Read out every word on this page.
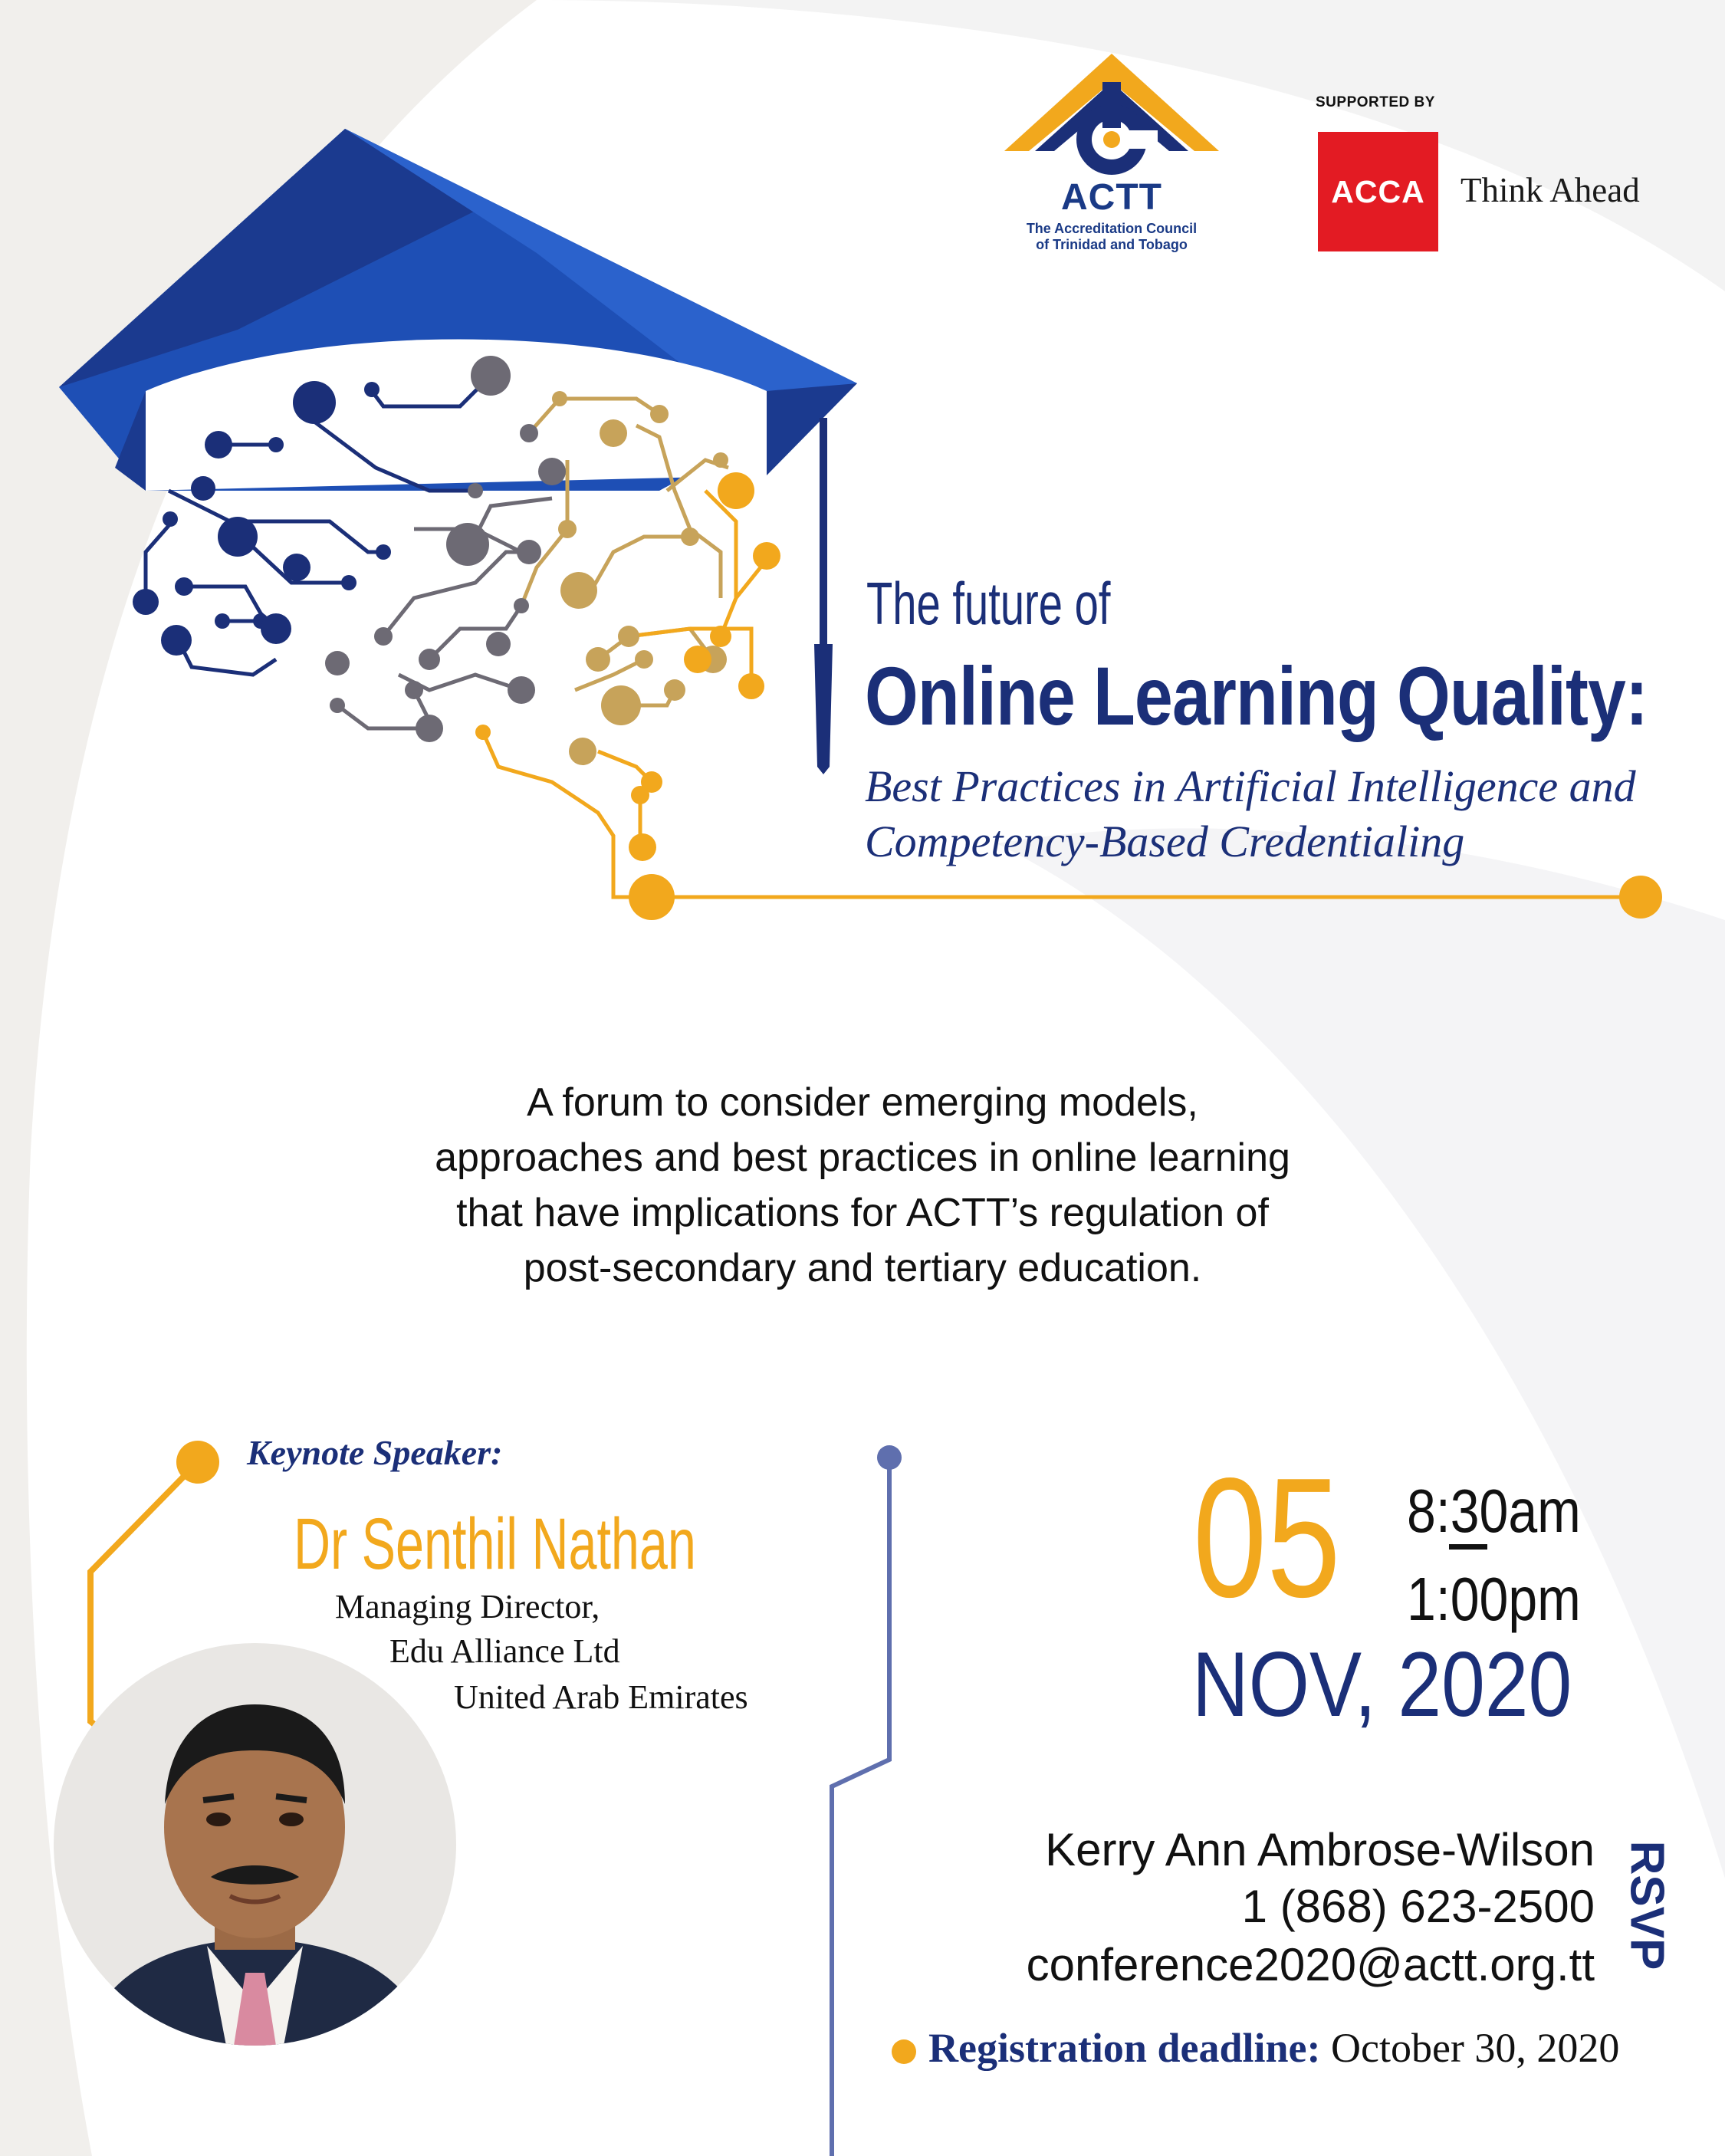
ACTT
The Accreditation Council
of Trinidad and Tobago
SUPPORTED BY
ACCA Think Ahead
The future of
Online Learning Quality:
Best Practices in Artificial Intelligence and
Competency-Based Credentialing
A forum to consider emerging models,
approaches and best practices in online learning
that have implications for ACTT’s regulation of
post-secondary and tertiary education.
Keynote Speaker:
Dr Senthil Nathan
Managing Director,
Edu Alliance Ltd
United Arab Emirates
05 8:30am
1:00pm
NOV, 2020
Kerry Ann Ambrose-Wilson
1 (868) 623-2500
conference2020@actt.org.tt RSVP
Registration deadline: October 30, 2020
